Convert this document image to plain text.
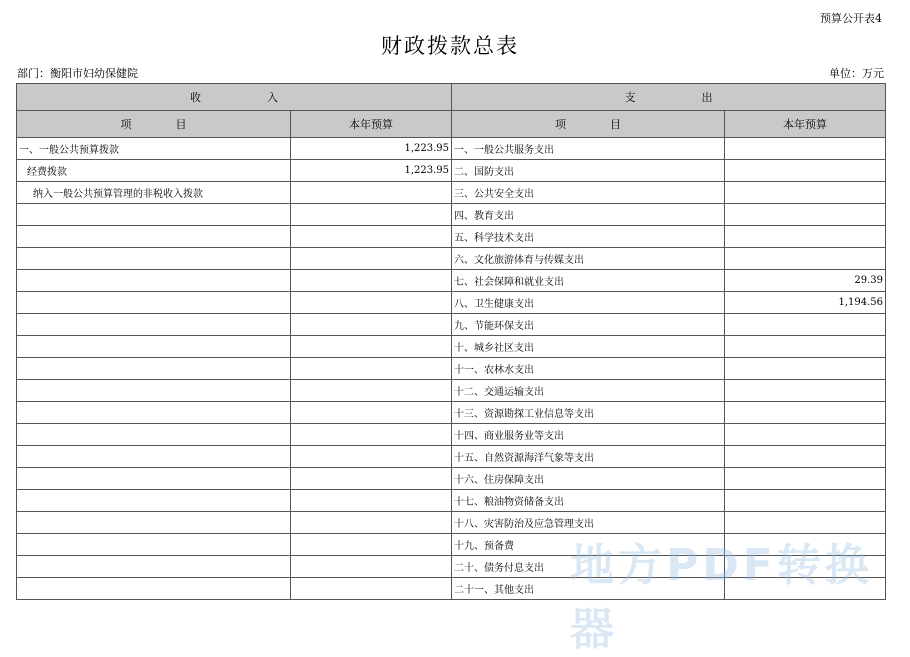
预算公开表4
财政拨款总表
部门：衡阳市妇幼保健院	单位：万元
收　　　　　　入		支　　　　　　出	
项　　　　目	本年预算	项　　　　目	本年预算
一、一般公共预算拨款	1,223.95	一、一般公共服务支出	
经费拨款	1,223.95	二、国防支出	
纳入一般公共预算管理的非税收入拨款		三、公共安全支出	
		四、教育支出	
		五、科学技术支出	
		六、文化旅游体育与传媒支出	
		七、社会保障和就业支出	29.39
		八、卫生健康支出	1,194.56
		九、节能环保支出	
		十、城乡社区支出	
		十一、农林水支出	
		十二、交通运输支出	
		十三、资源勘探工业信息等支出	
		十四、商业服务业等支出	
		十五、自然资源海洋气象等支出	
		十六、住房保障支出	
		十七、粮油物资储备支出	
		十八、灾害防治及应急管理支出	
		十九、预备费	
		二十、债务付息支出	
		二十一、其他支出	地方PDF转换器
